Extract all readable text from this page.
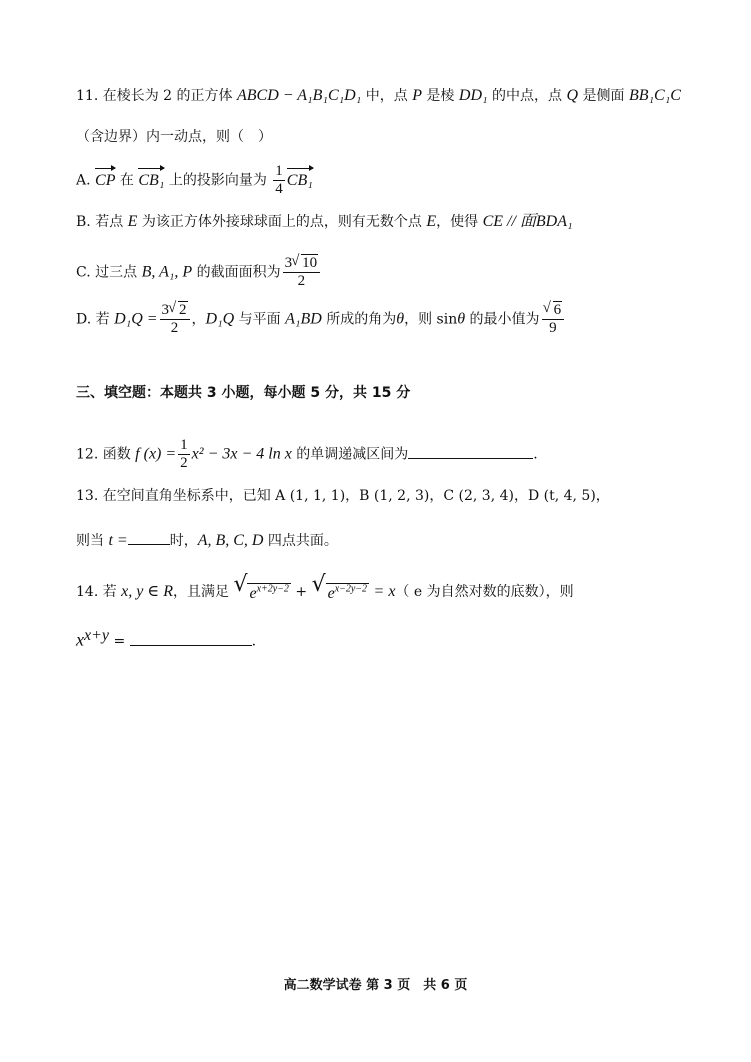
11. 在棱长为 2 的正方体 ABCD − A₁B₁C₁D₁ 中，点 P 是棱 DD₁ 的中点，点 Q 是侧面 BB₁C₁C
（含边界）内一动点，则（　）
A. CP 在 CB₁ 上的投影向量为 $\frac{1}{4} CB_1$
B. 若点 E 为该正方体外接球球面上的点，则有无数个点 E，使得 CE // 面BDA₁
C. 过三点 B, A₁, P 的截面面积为 $\frac{3 √ 10}{2}$
D. 若 $D_1Q = \frac{3 √ 2}{2}$ ，D₁Q 与平面 A₁BD 所成的角为θ，则 sinθ 的最小值为 √ $\frac{6}{9}$
三、填空题：本题共 3 小题，每小题 5 分，共 15 分
12. 函数 f $(x) = \frac{1}{2} x^2 - 3x - 4$ ln x 的单调递减区间为	.
13. 在空间直角坐标系中，已知 A (1, 1, 1)，B (1, 2, 3)，C (2, 3, 4)，D (t, 4, 5)，
则当 t =	时，A, B, C, D 四点共面。
14. 若 x, y ∈ R，且满足 √ $e^{x+2y-2}$ + √ $e^{x-2y-2} = x$（ e 为自然对数的底数），则
$x^{x+y}$ =	.
高二数学试卷 第 3 页　共 6 页
